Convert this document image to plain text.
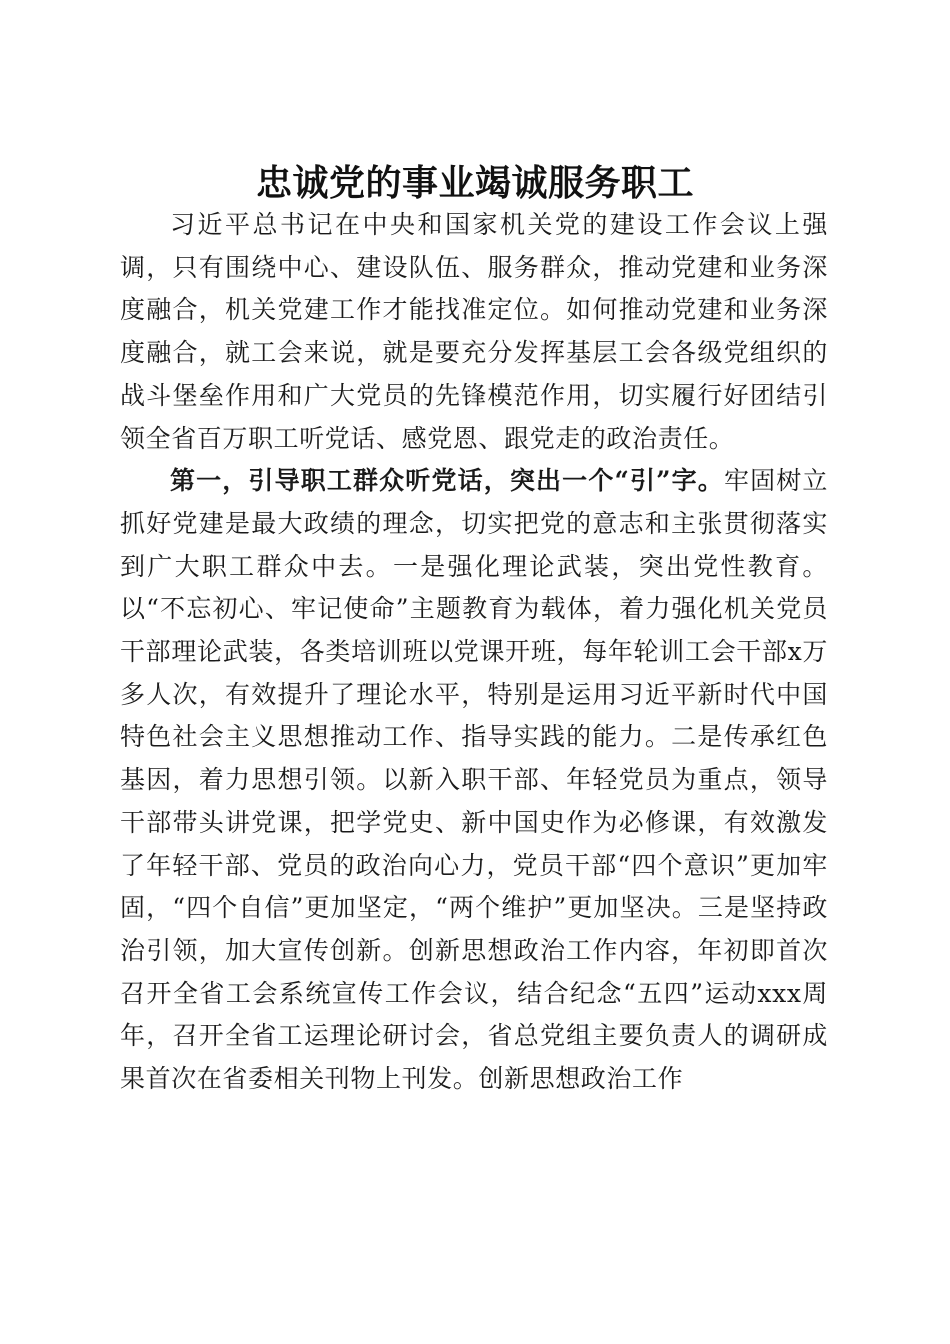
忠诚党的事业竭诚服务职工

习近平总书记在中央和国家机关党的建设工作会议上强调，只有围绕中心、建设队伍、服务群众，推动党建和业务深度融合，机关党建工作才能找准定位。如何推动党建和业务深度融合，就工会来说，就是要充分发挥基层工会各级党组织的战斗堡垒作用和广大党员的先锋模范作用，切实履行好团结引领全省百万职工听党话、感党恩、跟党走的政治责任。

第一，引导职工群众听党话，突出一个“引”字。牢固树立抓好党建是最大政绩的理念，切实把党的意志和主张贯彻落实到广大职工群众中去。一是强化理论武装，突出党性教育。以“不忘初心、牢记使命”主题教育为载体，着力强化机关党员干部理论武装，各类培训班以党课开班，每年轮训工会干部x万多人次，有效提升了理论水平，特别是运用习近平新时代中国特色社会主义思想推动工作、指导实践的能力。二是传承红色基因，着力思想引领。以新入职干部、年轻党员为重点，领导干部带头讲党课，把学党史、新中国史作为必修课，有效激发了年轻干部、党员的政治向心力，党员干部“四个意识”更加牢固，“四个自信”更加坚定，“两个维护”更加坚决。三是坚持政治引领，加大宣传创新。创新思想政治工作内容，年初即首次召开全省工会系统宣传工作会议，结合纪念“五四”运动xxx周年，召开全省工运理论研讨会，省总党组主要负责人的调研成果首次在省委相关刊物上刊发。创新思想政治工作
